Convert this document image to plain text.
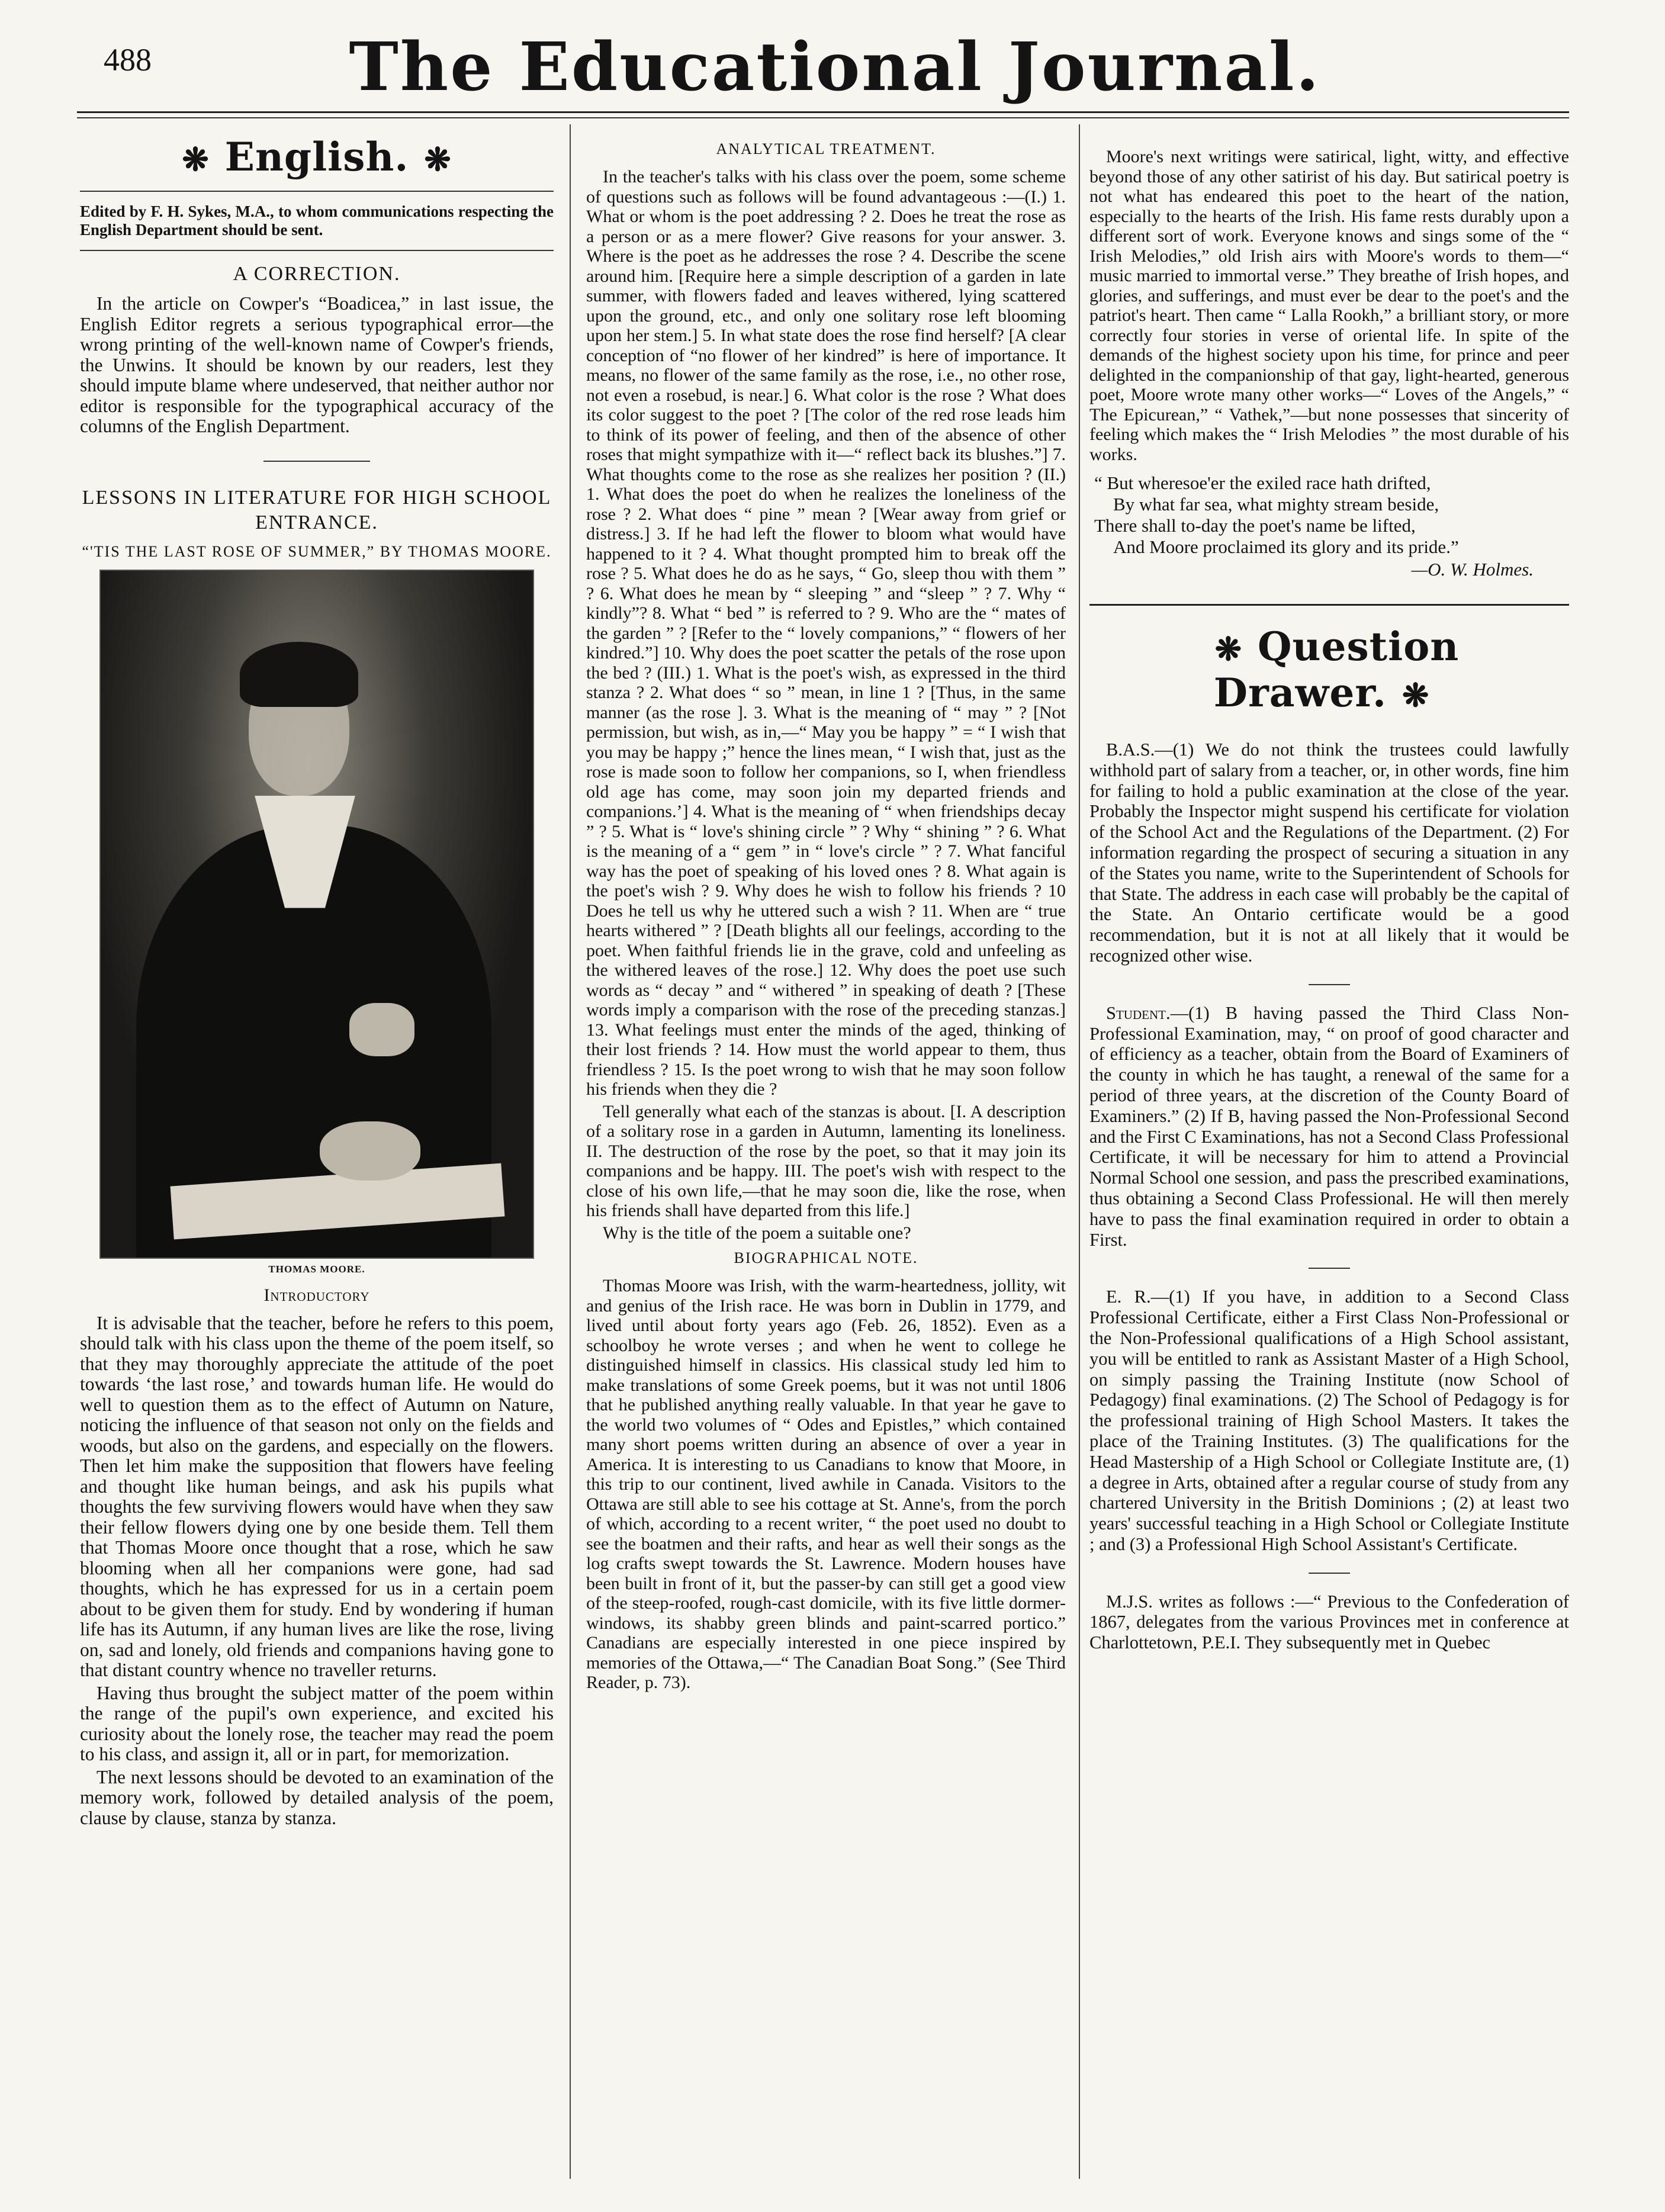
488	The Educational Journal.
❋ English. ❋
Edited by F. H. Sykes, M.A., to whom communications respecting the English Department should be sent.
A CORRECTION.

In the article on Cowper's “Boadicea,” in last issue, the English Editor regrets a serious typographical error—the wrong printing of the well-known name of Cowper's friends, the Unwins. It should be known by our readers, lest they should impute blame where undeserved, that neither author nor editor is responsible for the typographical accuracy of the columns of the English Department.

LESSONS IN LITERATURE FOR HIGH SCHOOL ENTRANCE.
“'TIS THE LAST ROSE OF SUMMER,” BY THOMAS MOORE.
THOMAS MOORE.
Introductory

It is advisable that the teacher, before he refers to this poem, should talk with his class upon the theme of the poem itself, so that they may thoroughly appreciate the attitude of the poet towards ‘the last rose,’ and towards human life. He would do well to question them as to the effect of Autumn on Nature, noticing the influence of that season not only on the fields and woods, but also on the gardens, and especially on the flowers. Then let him make the supposition that flowers have feeling and thought like human beings, and ask his pupils what thoughts the few surviving flowers would have when they saw their fellow flowers dying one by one beside them. Tell them that Thomas Moore once thought that a rose, which he saw blooming when all her companions were gone, had sad thoughts, which he has expressed for us in a certain poem about to be given them for study. End by wondering if human life has its Autumn, if any human lives are like the rose, living on, sad and lonely, old friends and companions having gone to that distant country whence no traveller returns.

Having thus brought the subject matter of the poem within the range of the pupil's own experience, and excited his curiosity about the lonely rose, the teacher may read the poem to his class, and assign it, all or in part, for memorization.

The next lessons should be devoted to an examination of the memory work, followed by detailed analysis of the poem, clause by clause, stanza by stanza.

ANALYTICAL TREATMENT.

In the teacher's talks with his class over the poem, some scheme of questions such as follows will be found advantageous :—(I.) 1. What or whom is the poet addressing ? 2. Does he treat the rose as a person or as a mere flower? Give reasons for your answer. 3. Where is the poet as he addresses the rose ? 4. Describe the scene around him. [Require here a simple description of a garden in late summer, with flowers faded and leaves withered, lying scattered upon the ground, etc., and only one solitary rose left blooming upon her stem.] 5. In what state does the rose find herself? [A clear conception of “no flower of her kindred” is here of importance. It means, no flower of the same family as the rose, i.e., no other rose, not even a rosebud, is near.] 6. What color is the rose ? What does its color suggest to the poet ? [The color of the red rose leads him to think of its power of feeling, and then of the absence of other roses that might sympathize with it—“ reflect back its blushes.”] 7. What thoughts come to the rose as she realizes her position ? (II.) 1. What does the poet do when he realizes the loneliness of the rose ? 2. What does “ pine ” mean ? [Wear away from grief or distress.] 3. If he had left the flower to bloom what would have happened to it ? 4. What thought prompted him to break off the rose ? 5. What does he do as he says, “ Go, sleep thou with them ” ? 6. What does he mean by “ sleeping ” and “sleep ” ? 7. Why “ kindly”? 8. What “ bed ” is referred to ? 9. Who are the “ mates of the garden ” ? [Refer to the “ lovely companions,” “ flowers of her kindred.”] 10. Why does the poet scatter the petals of the rose upon the bed ? (III.) 1. What is the poet's wish, as expressed in the third stanza ? 2. What does “ so ” mean, in line 1 ? [Thus, in the same manner (as the rose ]. 3. What is the meaning of “ may ” ? [Not permission, but wish, as in,—“ May you be happy ” = “ I wish that you may be happy ;” hence the lines mean, “ I wish that, just as the rose is made soon to follow her companions, so I, when friendless old age has come, may soon join my departed friends and companions.’] 4. What is the meaning of “ when friendships decay ” ? 5. What is “ love's shining circle ” ? Why “ shining ” ? 6. What is the meaning of a “ gem ” in “ love's circle ” ? 7. What fanciful way has the poet of speaking of his loved ones ? 8. What again is the poet's wish ? 9. Why does he wish to follow his friends ? 10 Does he tell us why he uttered such a wish ? 11. When are “ true hearts withered ” ? [Death blights all our feelings, according to the poet. When faithful friends lie in the grave, cold and unfeeling as the withered leaves of the rose.] 12. Why does the poet use such words as “ decay ” and “ withered ” in speaking of death ? [These words imply a comparison with the rose of the preceding stanzas.] 13. What feelings must enter the minds of the aged, thinking of their lost friends ? 14. How must the world appear to them, thus friendless ? 15. Is the poet wrong to wish that he may soon follow his friends when they die ?

Tell generally what each of the stanzas is about. [I. A description of a solitary rose in a garden in Autumn, lamenting its loneliness. II. The destruction of the rose by the poet, so that it may join its companions and be happy. III. The poet's wish with respect to the close of his own life,—that he may soon die, like the rose, when his friends shall have departed from this life.]

Why is the title of the poem a suitable one?

BIOGRAPHICAL NOTE.

Thomas Moore was Irish, with the warm-heartedness, jollity, wit and genius of the Irish race. He was born in Dublin in 1779, and lived until about forty years ago (Feb. 26, 1852). Even as a schoolboy he wrote verses ; and when he went to college he distinguished himself in classics. His classical study led him to make translations of some Greek poems, but it was not until 1806 that he published anything really valuable. In that year he gave to the world two volumes of “ Odes and Epistles,” which contained many short poems written during an absence of over a year in America. It is interesting to us Canadians to know that Moore, in this trip to our continent, lived awhile in Canada. Visitors to the Ottawa are still able to see his cottage at St. Anne's, from the porch of which, according to a recent writer, “ the poet used no doubt to see the boatmen and their rafts, and hear as well their songs as the log crafts swept towards the St. Lawrence. Modern houses have been built in front of it, but the passer-by can still get a good view of the steep-roofed, rough-cast domicile, with its five little dormer-windows, its shabby green blinds and paint-scarred portico.” Canadians are especially interested in one piece inspired by memories of the Ottawa,—“ The Canadian Boat Song.” (See Third Reader, p. 73).

Moore's next writings were satirical, light, witty, and effective beyond those of any other satirist of his day. But satirical poetry is not what has endeared this poet to the heart of the nation, especially to the hearts of the Irish. His fame rests durably upon a different sort of work. Everyone knows and sings some of the “ Irish Melodies,” old Irish airs with Moore's words to them—“ music married to immortal verse.” They breathe of Irish hopes, and glories, and sufferings, and must ever be dear to the poet's and the patriot's heart. Then came “ Lalla Rookh,” a brilliant story, or more correctly four stories in verse of oriental life. In spite of the demands of the highest society upon his time, for prince and peer delighted in the companionship of that gay, light-hearted, generous poet, Moore wrote many other works—“ Loves of the Angels,” “ The Epicurean,” “ Vathek,”—but none possesses that sincerity of feeling which makes the “ Irish Melodies ” the most durable of his works.

“ But wheresoe'er the exiled race hath drifted,
By what far sea, what mighty stream beside,
There shall to-day the poet's name be lifted,
And Moore proclaimed its glory and its pride.”
—O. W. Holmes.
❋ Question Drawer. ❋

B.A.S.—(1) We do not think the trustees could lawfully withhold part of salary from a teacher, or, in other words, fine him for failing to hold a public examination at the close of the year. Probably the Inspector might suspend his certificate for violation of the School Act and the Regulations of the Department. (2) For information regarding the prospect of securing a situation in any of the States you name, write to the Superintendent of Schools for that State. The address in each case will probably be the capital of the State. An Ontario certificate would be a good recommendation, but it is not at all likely that it would be recognized other wise.

Student.—(1) B having passed the Third Class Non-Professional Examination, may, “ on proof of good character and of efficiency as a teacher, obtain from the Board of Examiners of the county in which he has taught, a renewal of the same for a period of three years, at the discretion of the County Board of Examiners.” (2) If B, having passed the Non-Professional Second and the First C Examinations, has not a Second Class Professional Certificate, it will be necessary for him to attend a Provincial Normal School one session, and pass the prescribed examinations, thus obtaining a Second Class Professional. He will then merely have to pass the final examination required in order to obtain a First.

E. R.—(1) If you have, in addition to a Second Class Professional Certificate, either a First Class Non-Professional or the Non-Professional qualifications of a High School assistant, you will be entitled to rank as Assistant Master of a High School, on simply passing the Training Institute (now School of Pedagogy) final examinations. (2) The School of Pedagogy is for the professional training of High School Masters. It takes the place of the Training Institutes. (3) The qualifications for the Head Mastership of a High School or Collegiate Institute are, (1) a degree in Arts, obtained after a regular course of study from any chartered University in the British Dominions ; (2) at least two years' successful teaching in a High School or Collegiate Institute ; and (3) a Professional High School Assistant's Certificate.

M.J.S. writes as follows :—“ Previous to the Confederation of 1867, delegates from the various Provinces met in conference at Charlottetown, P.E.I. They subsequently met in Quebec
